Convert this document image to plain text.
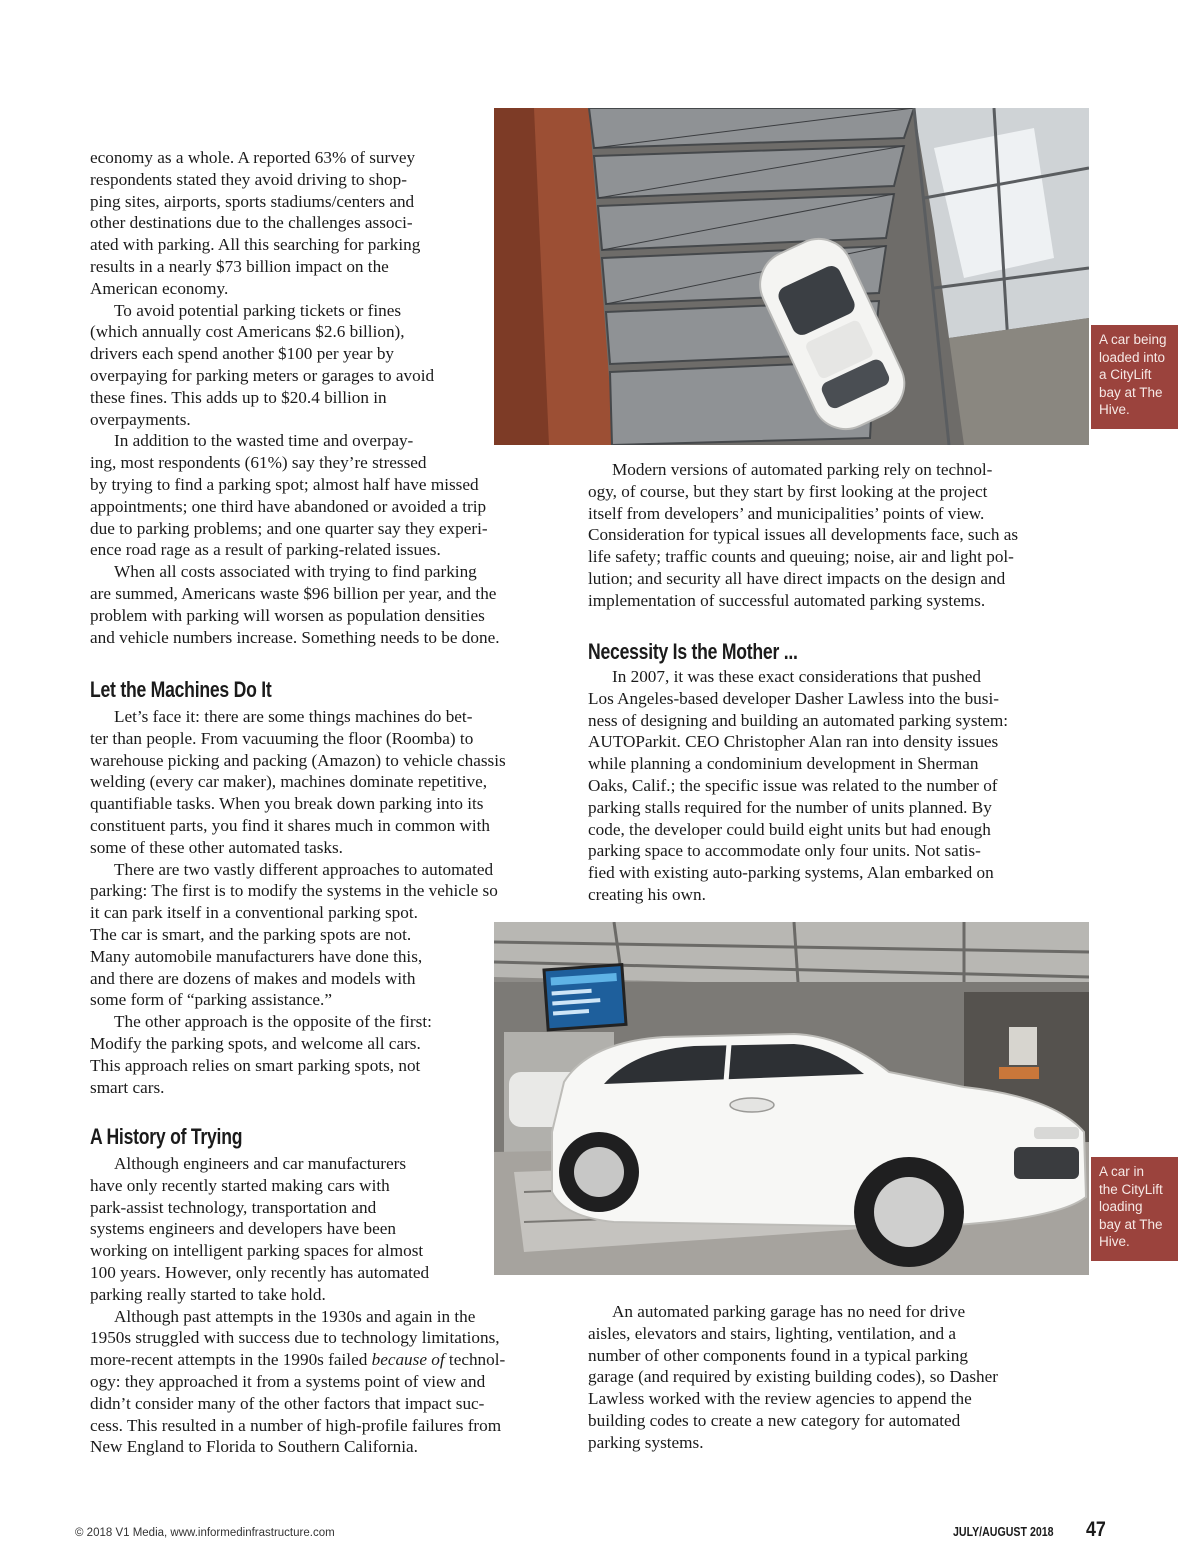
economy as a whole. A reported 63% of survey
respondents stated they avoid driving to shop-
ping sites, airports, sports stadiums/centers and
other destinations due to the challenges associ-
ated with parking. All this searching for parking
results in a nearly $73 billion impact on the
American economy.
To avoid potential parking tickets or fines
(which annually cost Americans $2.6 billion),
drivers each spend another $100 per year by
overpaying for parking meters or garages to avoid
these fines. This adds up to $20.4 billion in
overpayments.
In addition to the wasted time and overpay-
ing, most respondents (61%) say they’re stressed
by trying to find a parking spot; almost half have missed
appointments; one third have abandoned or avoided a trip
due to parking problems; and one quarter say they experi-
ence road rage as a result of parking-related issues.
When all costs associated with trying to find parking
are summed, Americans waste $96 billion per year, and the
problem with parking will worsen as population densities
and vehicle numbers increase. Something needs to be done.
Let the Machines Do It
Let’s face it: there are some things machines do bet-
ter than people. From vacuuming the floor (Roomba) to
warehouse picking and packing (Amazon) to vehicle chassis
welding (every car maker), machines dominate repetitive,
quantifiable tasks. When you break down parking into its
constituent parts, you find it shares much in common with
some of these other automated tasks.
There are two vastly different approaches to automated
parking: The first is to modify the systems in the vehicle so
it can park itself in a conventional parking spot.
The car is smart, and the parking spots are not.
Many automobile manufacturers have done this,
and there are dozens of makes and models with
some form of “parking assistance.”
The other approach is the opposite of the first:
Modify the parking spots, and welcome all cars.
This approach relies on smart parking spots, not
smart cars.
A History of Trying
Although engineers and car manufacturers
have only recently started making cars with
park-assist technology, transportation and
systems engineers and developers have been
working on intelligent parking spaces for almost
100 years. However, only recently has automated
parking really started to take hold.
Although past attempts in the 1930s and again in the
1950s struggled with success due to technology limitations,
more-recent attempts in the 1990s failed because of technol-
ogy: they approached it from a systems point of view and
didn’t consider many of the other factors that impact suc-
cess. This resulted in a number of high-profile failures from
New England to Florida to Southern California.
Modern versions of automated parking rely on technol-
ogy, of course, but they start by first looking at the project
itself from developers’ and municipalities’ points of view.
Consideration for typical issues all developments face, such as
life safety; traffic counts and queuing; noise, air and light pol-
lution; and security all have direct impacts on the design and
implementation of successful automated parking systems.
Necessity Is the Mother ...
In 2007, it was these exact considerations that pushed
Los Angeles-based developer Dasher Lawless into the busi-
ness of designing and building an automated parking system:
AUTOParkit. CEO Christopher Alan ran into density issues
while planning a condominium development in Sherman
Oaks, Calif.; the specific issue was related to the number of
parking stalls required for the number of units planned. By
code, the developer could build eight units but had enough
parking space to accommodate only four units. Not satis-
fied with existing auto-parking systems, Alan embarked on
creating his own.
An automated parking garage has no need for drive
aisles, elevators and stairs, lighting, ventilation, and a
number of other components found in a typical parking
garage (and required by existing building codes), so Dasher
Lawless worked with the review agencies to append the
building codes to create a new category for automated
parking systems.
A car being
loaded into
a CityLift
bay at The
Hive.
A car in
the CityLift
loading
bay at The
Hive.
© 2018 V1 Media, www.informedinfrastructure.com	JULY/AUGUST 2018 47
